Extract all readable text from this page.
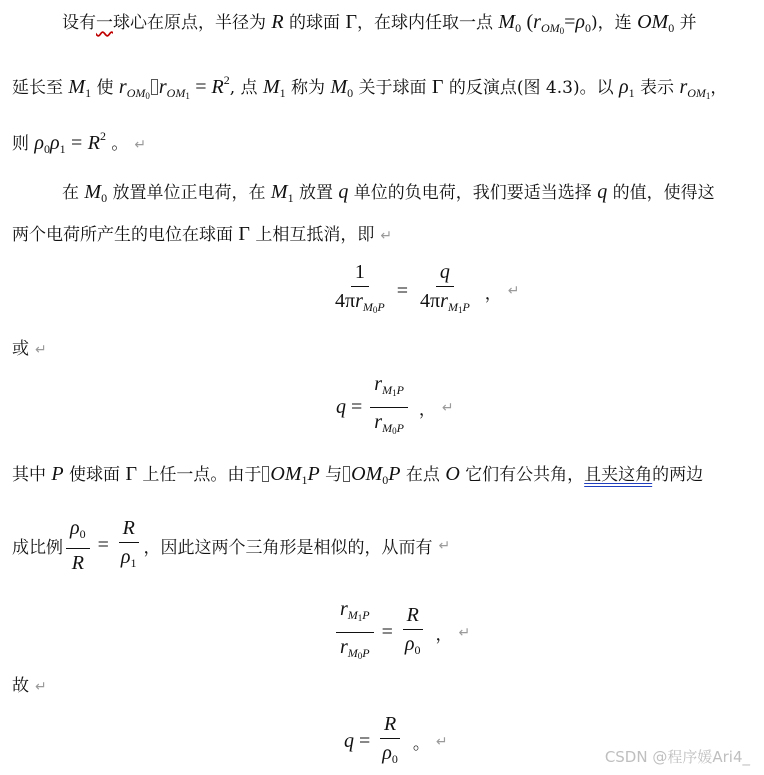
设有一球心在原点，半径为 R 的球面 Γ，在球内任取一点 $M_0$ $(r_{OM_0}=\rho_0)$，连 $OM_0$ 并
延长至 $M_1$ 使 $r_{OM_0}$ $r_{OM_1} = R^2$, 点 $M_1$ 称为 $M_0$ 关于球面 Γ 的反演点(图 4.3)。以 $\rho_1$ 表示 $r_{OM_1}$，
则 $\rho_0\rho_1 = R^2$ 。 ↵
在 $M_0$ 放置单位正电荷，在 $M_1$ 放置 q 单位的负电荷，我们要适当选择 q 的值，使得这
两个电荷所产生的电位在球面 Γ 上相互抵消，即 ↵
$\frac{1}{4\pi r_{M_0P}} = \frac{q}{4\pi r_{M_1P}}$ ， ↵
或 ↵
$q = \frac{r_{M_1P}}{r_{M_0P}}$ ， ↵
其中 P 使球面 Γ 上任一点。由于 $OM_1P$ 与 $OM_0P$ 在点 O 它们有公共角，且夹这角的两边
成比例 $\frac{\rho_0}{R} = \frac{R}{\rho_1}$ ，因此这两个三角形是相似的，从而有 ↵
$\frac{r_{M_1P}}{r_{M_0P}} = \frac{R}{\rho_0}$ ， ↵
故 ↵
$q = \frac{R}{\rho_0}$ 。 ↵
CSDN @程序媛Ari4_
